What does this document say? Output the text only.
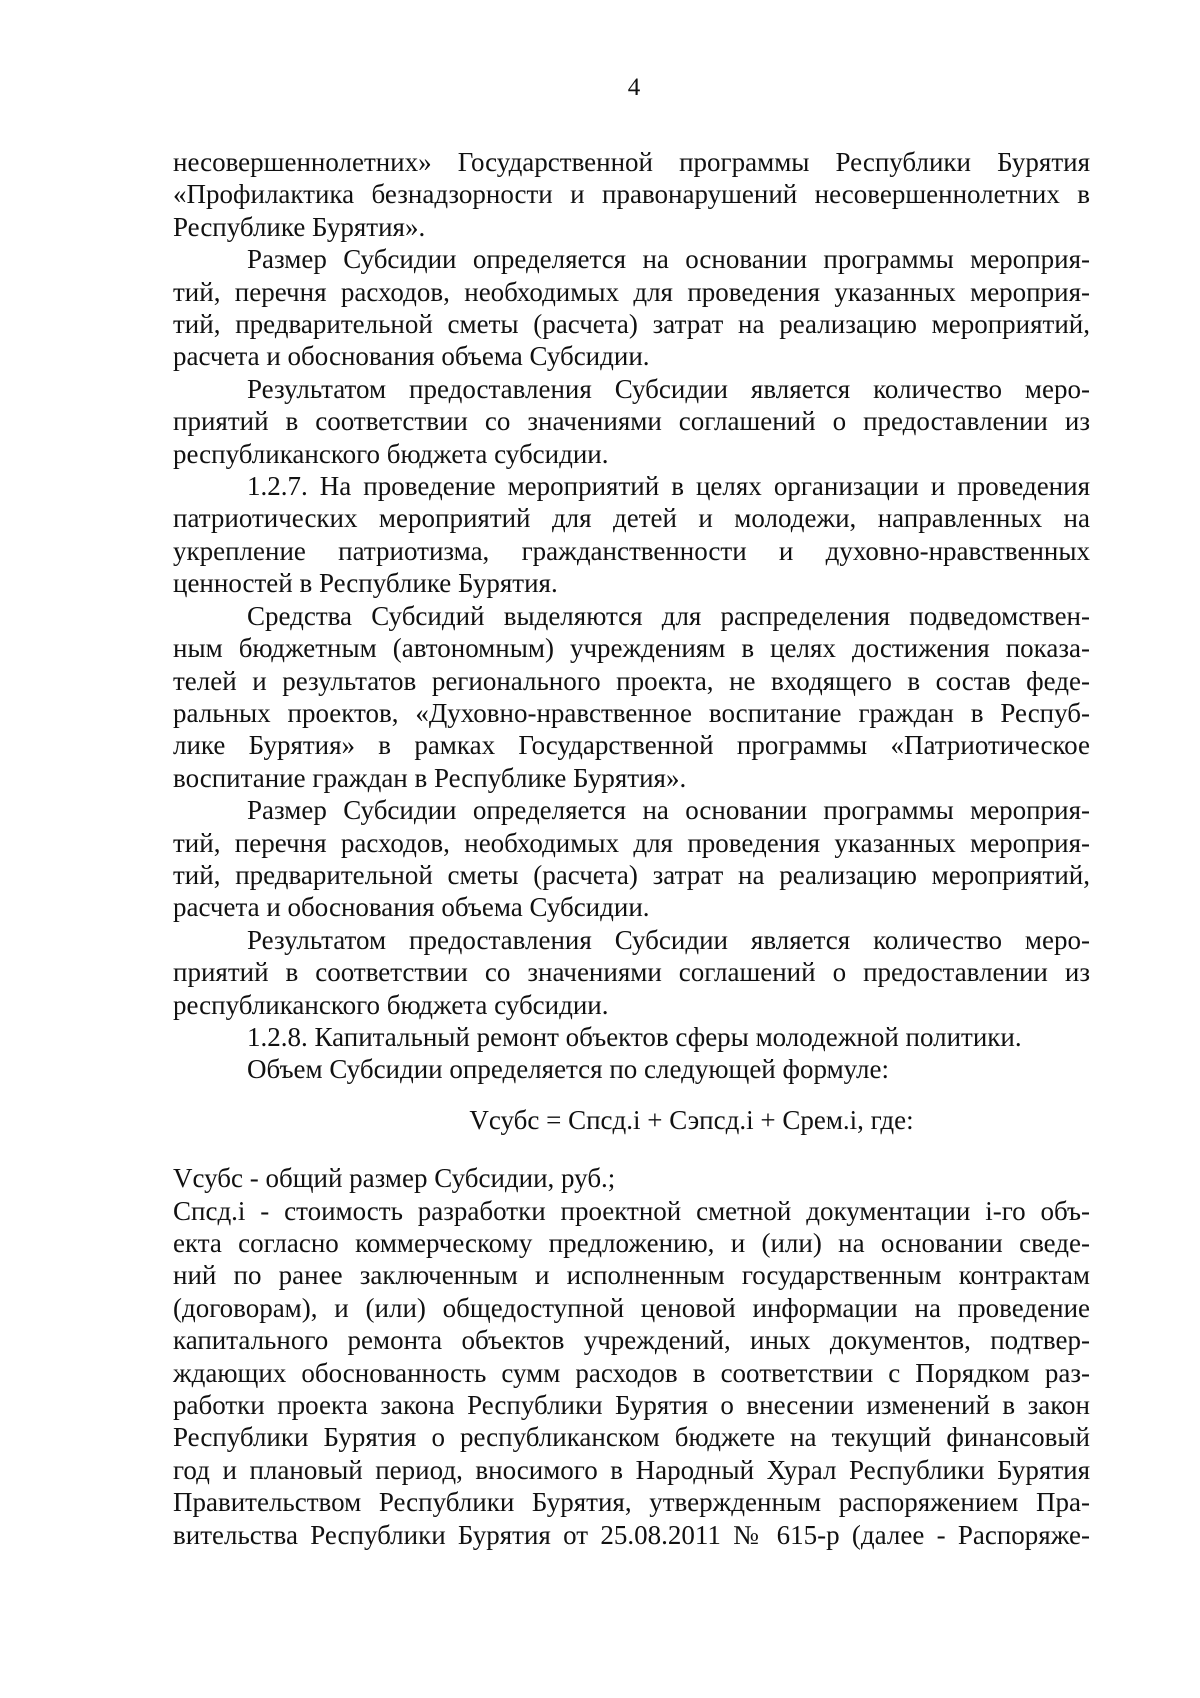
4
несовершеннолетних» Государственной программы Республики Бурятия
«Профилактика безнадзорности и правонарушений несовершеннолетних в
Республике Бурятия».
Размер Субсидии определяется на основании программы мероприя-
тий, перечня расходов, необходимых для проведения указанных мероприя-
тий, предварительной сметы (расчета) затрат на реализацию мероприятий,
расчета и обоснования объема Субсидии.
Результатом предоставления Субсидии является количество меро-
приятий в соответствии со значениями соглашений о предоставлении из
республиканского бюджета субсидии.
1.2.7. На проведение мероприятий в целях организации и проведения
патриотических мероприятий для детей и молодежи, направленных на
укрепление патриотизма, гражданственности и духовно-нравственных
ценностей в Республике Бурятия.
Средства Субсидий выделяются для распределения подведомствен-
ным бюджетным (автономным) учреждениям в целях достижения показа-
телей и результатов регионального проекта, не входящего в состав феде-
ральных проектов, «Духовно-нравственное воспитание граждан в Респуб-
лике Бурятия» в рамках Государственной программы «Патриотическое
воспитание граждан в Республике Бурятия».
Размер Субсидии определяется на основании программы мероприя-
тий, перечня расходов, необходимых для проведения указанных мероприя-
тий, предварительной сметы (расчета) затрат на реализацию мероприятий,
расчета и обоснования объема Субсидии.
Результатом предоставления Субсидии является количество меро-
приятий в соответствии со значениями соглашений о предоставлении из
республиканского бюджета субсидии.
1.2.8. Капитальный ремонт объектов сферы молодежной политики.
Объем Субсидии определяется по следующей формуле:
Vсубс = Спсд.i + Сэпсд.i + Срем.i, где:
Vсубс - общий размер Субсидии, руб.;
Спсд.i - стоимость разработки проектной сметной документации i-го объ-
екта согласно коммерческому предложению, и (или) на основании сведе-
ний по ранее заключенным и исполненным государственным контрактам
(договорам), и (или) общедоступной ценовой информации на проведение
капитального ремонта объектов учреждений, иных документов, подтвер-
ждающих обоснованность сумм расходов в соответствии с Порядком раз-
работки проекта закона Республики Бурятия о внесении изменений в закон
Республики Бурятия о республиканском бюджете на текущий финансовый
год и плановый период, вносимого в Народный Хурал Республики Бурятия
Правительством Республики Бурятия, утвержденным распоряжением Пра-
вительства Республики Бурятия от 25.08.2011 № 615-р (далее - Распоряже-
